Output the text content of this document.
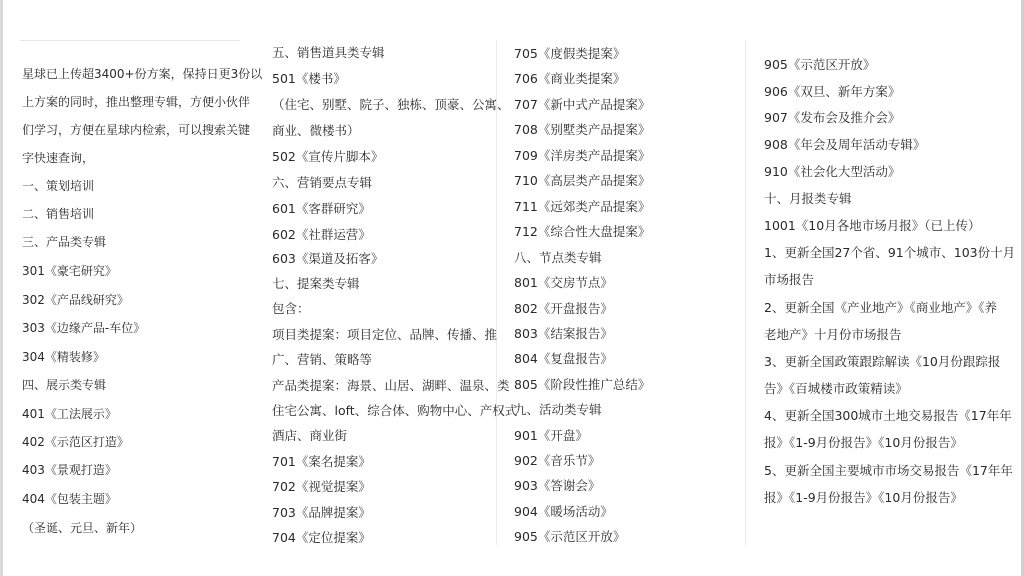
星球已上传超3400+份方案，保持日更3份以
上方案的同时，推出整理专辑，方便小伙伴
们学习，方便在星球内检索，可以搜索关键
字快速查询，
一、策划培训
二、销售培训
三、产品类专辑
301《豪宅研究》
302《产品线研究》
303《边缘产品-车位》
304《精装修》
四、展示类专辑
401《工法展示》
402《示范区打造》
403《景观打造》
404《包装主题》
（圣诞、元旦、新年）
五、销售道具类专辑
501《楼书》
（住宅、别墅、院子、独栋、顶豪、公寓、
商业、微楼书）
502《宣传片脚本》
六、营销要点专辑
601《客群研究》
602《社群运营》
603《渠道及拓客》
七、提案类专辑
包含：
项目类提案：项目定位、品牌、传播、推
广、营销、策略等
产品类提案：海景、山居、湖畔、温泉、类
住宅公寓、loft、综合体、购物中心、产权式
酒店、商业街
701《案名提案》
702《视觉提案》
703《品牌提案》
704《定位提案》
705《度假类提案》
706《商业类提案》
707《新中式产品提案》
708《别墅类产品提案》
709《洋房类产品提案》
710《高层类产品提案》
711《远郊类产品提案》
712《综合性大盘提案》
八、节点类专辑
801《交房节点》
802《开盘报告》
803《结案报告》
804《复盘报告》
805《阶段性推广总结》
九、活动类专辑
901《开盘》
902《音乐节》
903《答谢会》
904《暖场活动》
905《示范区开放》
905《示范区开放》
906《双旦、新年方案》
907《发布会及推介会》
908《年会及周年活动专辑》
910《社会化大型活动》
十、月报类专辑
1001《10月各地市场月报》（已上传）
1、更新全国27个省、91个城市、103份十月
市场报告
2、更新全国《产业地产》《商业地产》《养
老地产》十月份市场报告
3、更新全国政策跟踪解读《10月份跟踪报
告》《百城楼市政策精读》
4、更新全国300城市土地交易报告《17年年
报》《1-9月份报告》《10月份报告》
5、更新全国主要城市市场交易报告《17年年
报》《1-9月份报告》《10月份报告》
